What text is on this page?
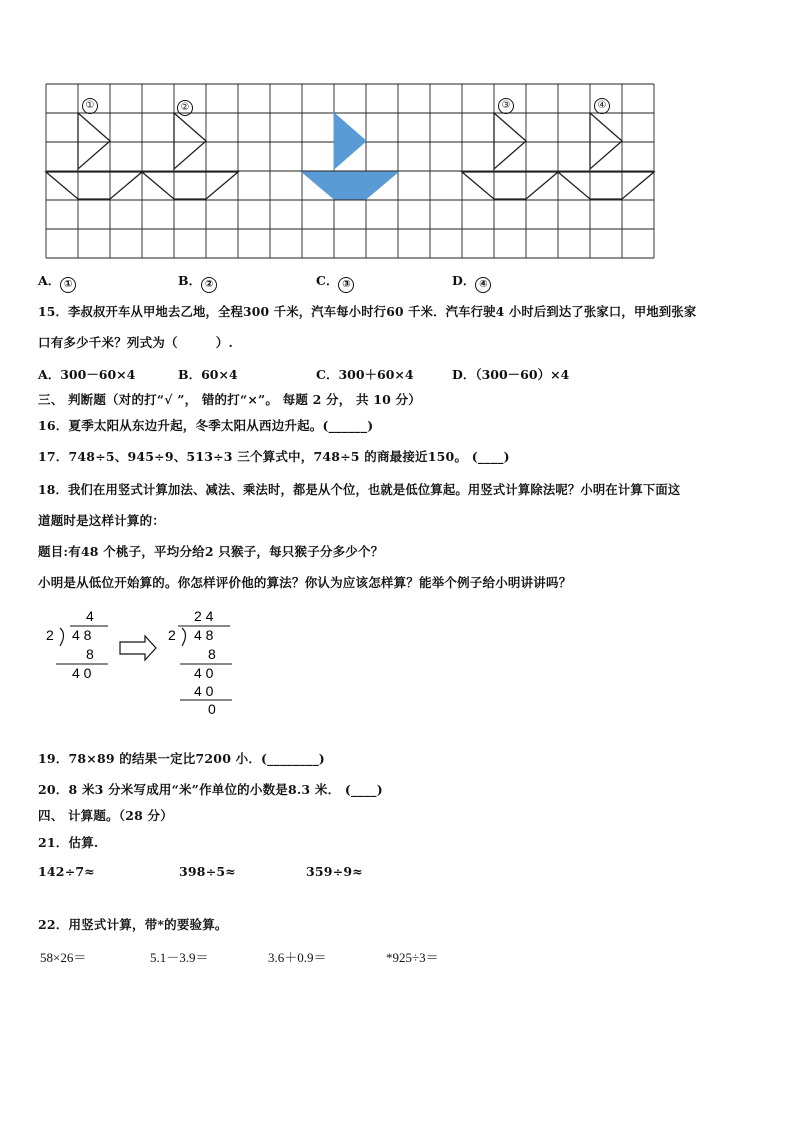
①	②	③	④
A． ①	B． ②	C． ③	D． ④
15．李叔叔开车从甲地去乙地，全程300 千米，汽车每小时行60 千米．汽车行驶4 小时后到达了张家口，甲地到张家
口有多少千米？列式为（　　　）.
A．300－60×4	B．60×4	C．300＋60×4	D．（300－60）×4
三、 判断题（对的打“√ ”， 错的打“×”。 每题 2 分， 共 10 分）
16．夏季太阳从东边升起，冬季太阳从西边升起。(______)
17．748÷5、945÷9、513÷3 三个算式中，748÷5 的商最接近150。 (____)
18．我们在用竖式计算加法、减法、乘法时，都是从个位，也就是低位算起。用竖式计算除法呢？小明在计算下面这
道题时是这样计算的：
题目:有48 个桃子，平均分给2 只猴子，每只猴子分多少个？
小明是从低位开始算的。你怎样评价他的算法？你认为应该怎样算？能举个例子给小明讲讲吗？
4
2 4 8
8
4 0
2 4
2 4 8
8
4 0
4 0
0
19．78×89 的结果一定比7200 小．(________)
20．8 米3 分米写成用“米”作单位的小数是8.3 米． (____)
四、 计算题。（28 分）
21．估算.
142÷7≈	398÷5≈	359÷9≈
22．用竖式计算，带*的要验算。
58×26＝	5.1－3.9＝	3.6＋0.9＝	*925÷3＝
